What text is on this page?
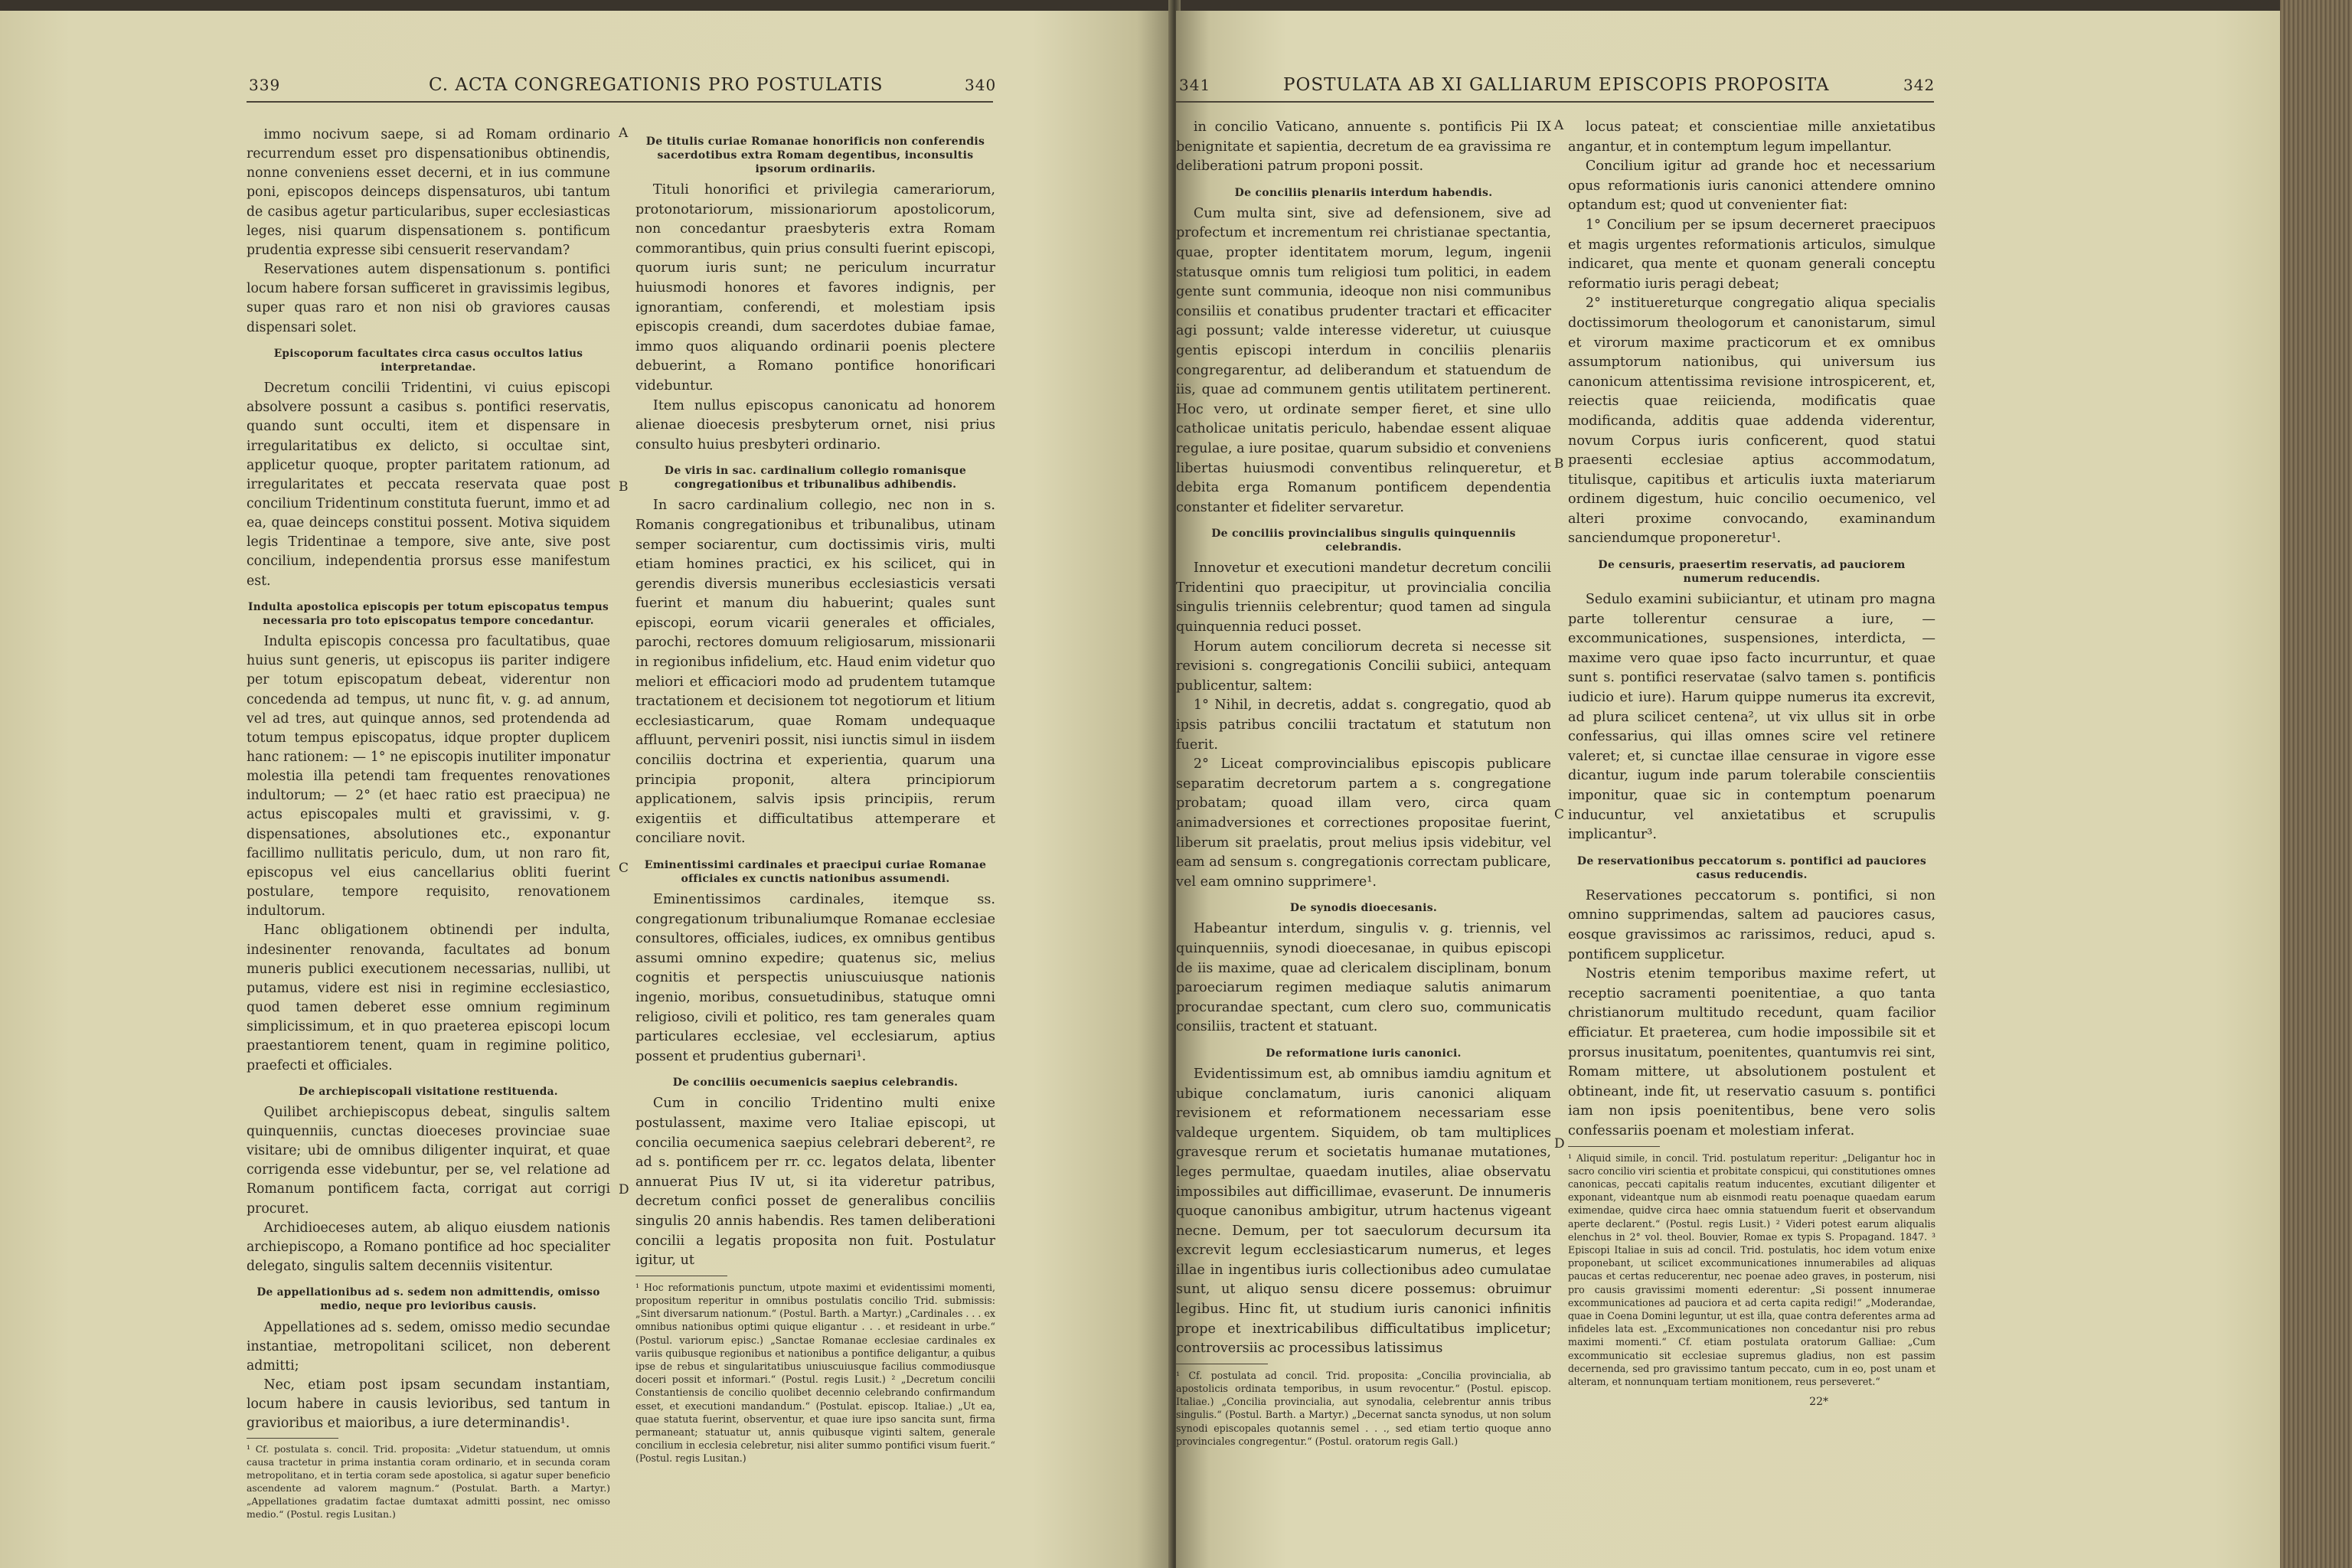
339	C. ACTA CONGREGATIONIS PRO POSTULATIS	340

immo nocivum saepe, si ad Romam ordinario recurrendum esset pro dispensationibus obtinendis, nonne conveniens esset decerni, et in ius commune poni, episcopos deinceps dispensaturos, ubi tantum de casibus agetur particularibus, super ecclesiasticas leges, nisi quarum dispensationem s. pontificum prudentia expresse sibi censuerit reservandam?

Reservationes autem dispensationum s. pontifici locum habere forsan sufficeret in gravissimis legibus, super quas raro et non nisi ob graviores causas dispensari solet.

Episcoporum facultates circa casus occultos latius interpretandae.

Decretum concilii Tridentini, vi cuius episcopi absolvere possunt a casibus s. pontifici reservatis, quando sunt occulti, item et dispensare in irregularitatibus ex delicto, si occultae sint, applicetur quoque, propter paritatem rationum, ad irregularitates et peccata reservata quae post concilium Tridentinum constituta fuerunt, immo et ad ea, quae deinceps constitui possent. Motiva siquidem legis Tridentinae a tempore, sive ante, sive post concilium, independentia prorsus esse manifestum est.

Indulta apostolica episcopis per totum episcopatus tempus necessaria pro toto episcopatus tempore concedantur.

Indulta episcopis concessa pro facultatibus, quae huius sunt generis, ut episcopus iis pariter indigere per totum episcopatum debeat, viderentur non concedenda ad tempus, ut nunc fit, v. g. ad annum, vel ad tres, aut quinque annos, sed protendenda ad totum tempus episcopatus, idque propter duplicem hanc rationem: — 1° ne episcopis inutiliter imponatur molestia illa petendi tam frequentes renovationes indultorum; — 2° (et haec ratio est praecipua) ne actus episcopales multi et gravissimi, v. g. dispensationes, absolutiones etc., exponantur facillimo nullitatis periculo, dum, ut non raro fit, episcopus vel eius cancellarius obliti fuerint postulare, tempore requisito, renovationem indultorum.

Hanc obligationem obtinendi per indulta, indesinenter renovanda, facultates ad bonum muneris publici executionem necessarias, nullibi, ut putamus, videre est nisi in regimine ecclesiastico, quod tamen deberet esse omnium regiminum simplicissimum, et in quo praeterea episcopi locum praestantiorem tenent, quam in regimine politico, praefecti et officiales.

De archiepiscopali visitatione restituenda.

Quilibet archiepiscopus debeat, singulis saltem quinquenniis, cunctas dioeceses provinciae suae visitare; ubi de omnibus diligenter inquirat, et quae corrigenda esse videbuntur, per se, vel relatione ad Romanum pontificem facta, corrigat aut corrigi procuret.

Archidioeceses autem, ab aliquo eiusdem nationis archiepiscopo, a Romano pontifice ad hoc specialiter delegato, singulis saltem decenniis visitentur.

De appellationibus ad s. sedem non admittendis, omisso medio, neque pro levioribus causis.

Appellationes ad s. sedem, omisso medio secundae instantiae, metropolitani scilicet, non deberent admitti;

Nec, etiam post ipsam secundam instantiam, locum habere in causis levioribus, sed tantum in gravioribus et maioribus, a iure determinandis¹.

¹ Cf. postulata s. concil. Trid. proposita: „Videtur statuendum, ut omnis causa tractetur in prima instantia coram ordinario, et in secunda coram metropolitano, et in tertia coram sede apostolica, si agatur super beneficio ascendente ad valorem magnum.“ (Postulat. Barth. a Martyr.) „Appellationes gradatim factae dumtaxat admitti possint, nec omisso medio.“ (Postul. regis Lusitan.)
De titulis curiae Romanae honorificis non conferendis sacerdotibus extra Romam degentibus, inconsultis ipsorum ordinariis.

Tituli honorifici et privilegia camerariorum, protonotariorum, missionariorum apostolicorum, non concedantur praesbyteris extra Romam commorantibus, quin prius consulti fuerint episcopi, quorum iuris sunt; ne periculum incurratur huiusmodi honores et favores indignis, per ignorantiam, conferendi, et molestiam ipsis episcopis creandi, dum sacerdotes dubiae famae, immo quos aliquando ordinarii poenis plectere debuerint, a Romano pontifice honorificari videbuntur.

Item nullus episcopus canonicatu ad honorem alienae dioecesis presbyterum ornet, nisi prius consulto huius presbyteri ordinario.

De viris in sac. cardinalium collegio romanisque congregationibus et tribunalibus adhibendis.

In sacro cardinalium collegio, nec non in s. Romanis congregationibus et tribunalibus, utinam semper sociarentur, cum doctissimis viris, multi etiam homines practici, ex his scilicet, qui in gerendis diversis muneribus ecclesiasticis versati fuerint et manum diu habuerint; quales sunt episcopi, eorum vicarii generales et officiales, parochi, rectores domuum religiosarum, missionarii in regionibus infidelium, etc. Haud enim videtur quo meliori et efficaciori modo ad prudentem tutamque tractationem et decisionem tot negotiorum et litium ecclesiasticarum, quae Romam undequaque affluunt, perveniri possit, nisi iunctis simul in iisdem conciliis doctrina et experientia, quarum una principia proponit, altera principiorum applicationem, salvis ipsis principiis, rerum exigentiis et difficultatibus attemperare et conciliare novit.

Eminentissimi cardinales et praecipui curiae Romanae officiales ex cunctis nationibus assumendi.

Eminentissimos cardinales, itemque ss. congregationum tribunaliumque Romanae ecclesiae consultores, officiales, iudices, ex omnibus gentibus assumi omnino expedire; quatenus sic, melius cognitis et perspectis uniuscuiusque nationis ingenio, moribus, consuetudinibus, statuque omni religioso, civili et politico, res tam generales quam particulares ecclesiae, vel ecclesiarum, aptius possent et prudentius gubernari¹.

De conciliis oecumenicis saepius celebrandis.

Cum in concilio Tridentino multi enixe postulassent, maxime vero Italiae episcopi, ut concilia oecumenica saepius celebrari deberent², re ad s. pontificem per rr. cc. legatos delata, libenter annuerat Pius IV ut, si ita videretur patribus, decretum confici posset de generalibus conciliis singulis 20 annis habendis. Res tamen deliberationi concilii a legatis proposita non fuit. Postulatur igitur, ut

¹ Hoc reformationis punctum, utpote maximi et evidentissimi momenti, propositum reperitur in omnibus postulatis concilio Trid. submissis: „Sint diversarum nationum.“ (Postul. Barth. a Martyr.) „Cardinales . . . ex omnibus nationibus optimi quique eligantur . . . et resideant in urbe.“ (Postul. variorum episc.) „Sanctae Romanae ecclesiae cardinales ex variis quibusque regionibus et nationibus a pontifice deligantur, a quibus ipse de rebus et singularitatibus uniuscuiusque facilius commodiusque doceri possit et informari.“ (Postul. regis Lusit.) ² „Decretum concilii Constantiensis de concilio quolibet decennio celebrando confirmandum esset, et executioni mandandum.“ (Postulat. episcop. Italiae.) „Ut ea, quae statuta fuerint, observentur, et quae iure ipso sancita sunt, firma permaneant; statuatur ut, annis quibusque viginti saltem, generale concilium in ecclesia celebretur, nisi aliter summo pontifici visum fuerit.“ (Postul. regis Lusitan.)
A
B
C
D
341	POSTULATA AB XI GALLIARUM EPISCOPIS PROPOSITA	342

in concilio Vaticano, annuente s. pontificis Pii IX benignitate et sapientia, decretum de ea gravissima re deliberationi patrum proponi possit.

De conciliis plenariis interdum habendis.

Cum multa sint, sive ad defensionem, sive ad profectum et incrementum rei christianae spectantia, quae, propter identitatem morum, legum, ingenii statusque omnis tum religiosi tum politici, in eadem gente sunt communia, ideoque non nisi communibus consiliis et conatibus prudenter tractari et efficaciter agi possunt; valde interesse videretur, ut cuiusque gentis episcopi interdum in conciliis plenariis congregarentur, ad deliberandum et statuendum de iis, quae ad communem gentis utilitatem pertinerent. Hoc vero, ut ordinate semper fieret, et sine ullo catholicae unitatis periculo, habendae essent aliquae regulae, a iure positae, quarum subsidio et conveniens libertas huiusmodi conventibus relinqueretur, et debita erga Romanum pontificem dependentia constanter et fideliter servaretur.

De conciliis provincialibus singulis quinquenniis celebrandis.

Innovetur et executioni mandetur decretum concilii Tridentini quo praecipitur, ut provincialia concilia singulis trienniis celebrentur; quod tamen ad singula quinquennia reduci posset.

Horum autem conciliorum decreta si necesse sit revisioni s. congregationis Concilii subiici, antequam publicentur, saltem:

1° Nihil, in decretis, addat s. congregatio, quod ab ipsis patribus concilii tractatum et statutum non fuerit.

2° Liceat comprovincialibus episcopis publicare separatim decretorum partem a s. congregatione probatam; quoad illam vero, circa quam animadversiones et correctiones propositae fuerint, liberum sit praelatis, prout melius ipsis videbitur, vel eam ad sensum s. congregationis correctam publicare, vel eam omnino supprimere¹.

De synodis dioecesanis.

Habeantur interdum, singulis v. g. triennis, vel quinquenniis, synodi dioecesanae, in quibus episcopi de iis maxime, quae ad clericalem disciplinam, bonum paroeciarum regimen mediaque salutis animarum procurandae spectant, cum clero suo, communicatis consiliis, tractent et statuant.

De reformatione iuris canonici.

Evidentissimum est, ab omnibus iamdiu agnitum et ubique conclamatum, iuris canonici aliquam revisionem et reformationem necessariam esse valdeque urgentem. Siquidem, ob tam multiplices gravesque rerum et societatis humanae mutationes, leges permultae, quaedam inutiles, aliae observatu impossibiles aut difficillimae, evaserunt. De innumeris quoque canonibus ambigitur, utrum hactenus vigeant necne. Demum, per tot saeculorum decursum ita excrevit legum ecclesiasticarum numerus, et leges illae in ingentibus iuris collectionibus adeo cumulatae sunt, ut aliquo sensu dicere possemus: obruimur legibus. Hinc fit, ut studium iuris canonici infinitis prope et inextricabilibus difficultatibus implicetur; controversiis ac processibus latissimus

¹ Cf. postulata ad concil. Trid. proposita: „Concilia provincialia, ab apostolicis ordinata temporibus, in usum revocentur.“ (Postul. episcop. Italiae.) „Concilia provincialia, aut synodalia, celebrentur annis tribus singulis.“ (Postul. Barth. a Martyr.) „Decernat sancta synodus, ut non solum synodi episcopales quotannis semel . . ., sed etiam tertio quoque anno provinciales congregentur.“ (Postul. oratorum regis Gall.)

locus pateat; et conscientiae mille anxietatibus angantur, et in contemptum legum impellantur.

Concilium igitur ad grande hoc et necessarium opus reformationis iuris canonici attendere omnino optandum est; quod ut convenienter fiat:

1° Concilium per se ipsum decerneret praecipuos et magis urgentes reformationis articulos, simulque indicaret, qua mente et quonam generali conceptu reformatio iuris peragi debeat;

2° instituereturque congregatio aliqua specialis doctissimorum theologorum et canonistarum, simul et virorum maxime practicorum et ex omnibus assumptorum nationibus, qui universum ius canonicum attentissima revisione introspicerent, et, reiectis quae reiicienda, modificatis quae modificanda, additis quae addenda viderentur, novum Corpus iuris conficerent, quod statui praesenti ecclesiae aptius accommodatum, titulisque, capitibus et articulis iuxta materiarum ordinem digestum, huic concilio oecumenico, vel alteri proxime convocando, examinandum sanciendumque proponeretur¹.

De censuris, praesertim reservatis, ad pauciorem numerum reducendis.

Sedulo examini subiiciantur, et utinam pro magna parte tollerentur censurae a iure, — excommunicationes, suspensiones, interdicta, — maxime vero quae ipso facto incurruntur, et quae sunt s. pontifici reservatae (salvo tamen s. pontificis iudicio et iure). Harum quippe numerus ita excrevit, ad plura scilicet centena², ut vix ullus sit in orbe confessarius, qui illas omnes scire vel retinere valeret; et, si cunctae illae censurae in vigore esse dicantur, iugum inde parum tolerabile conscientiis imponitur, quae sic in contemptum poenarum inducuntur, vel anxietatibus et scrupulis implicantur³.

De reservationibus peccatorum s. pontifici ad pauciores casus reducendis.

Reservationes peccatorum s. pontifici, si non omnino supprimendas, saltem ad pauciores casus, eosque gravissimos ac rarissimos, reduci, apud s. pontificem supplicetur.

Nostris etenim temporibus maxime refert, ut receptio sacramenti poenitentiae, a quo tanta christianorum multitudo recedunt, quam facilior efficiatur. Et praeterea, cum hodie impossibile sit et prorsus inusitatum, poenitentes, quantumvis rei sint, Romam mittere, ut absolutionem postulent et obtineant, inde fit, ut reservatio casuum s. pontifici iam non ipsis poenitentibus, bene vero solis confessariis poenam et molestiam inferat.

¹ Aliquid simile, in concil. Trid. postulatum reperitur: „Deligantur hoc in sacro concilio viri scientia et probitate conspicui, qui constitutiones omnes canonicas, peccati capitalis reatum inducentes, excutiant diligenter et exponant, videantque num ab eisnmodi reatu poenaque quaedam earum eximendae, quidve circa haec omnia statuendum fuerit et observandum aperte declarent.“ (Postul. regis Lusit.) ² Videri potest earum aliqualis elenchus in 2° vol. theol. Bouvier, Romae ex typis S. Propagand. 1847. ³ Episcopi Italiae in suis ad concil. Trid. postulatis, hoc idem votum enixe proponebant, ut scilicet excommunicationes innumerabiles ad aliquas paucas et certas reducerentur, nec poenae adeo graves, in posterum, nisi pro causis gravissimi momenti ederentur: „Si possent innumerae excommunicationes ad pauciora et ad certa capita redigi!“ „Moderandae, quae in Coena Domini leguntur, ut est illa, quae contra deferentes arma ad infideles lata est. „Excommunicationes non concedantur nisi pro rebus maximi momenti.“ Cf. etiam postulata oratorum Galliae: „Cum excommunicatio sit ecclesiae supremus gladius, non est passim decernenda, sed pro gravissimo tantum peccato, cum in eo, post unam et alteram, et nonnunquam tertiam monitionem, reus perseveret.“
22*
A
B
C
D
